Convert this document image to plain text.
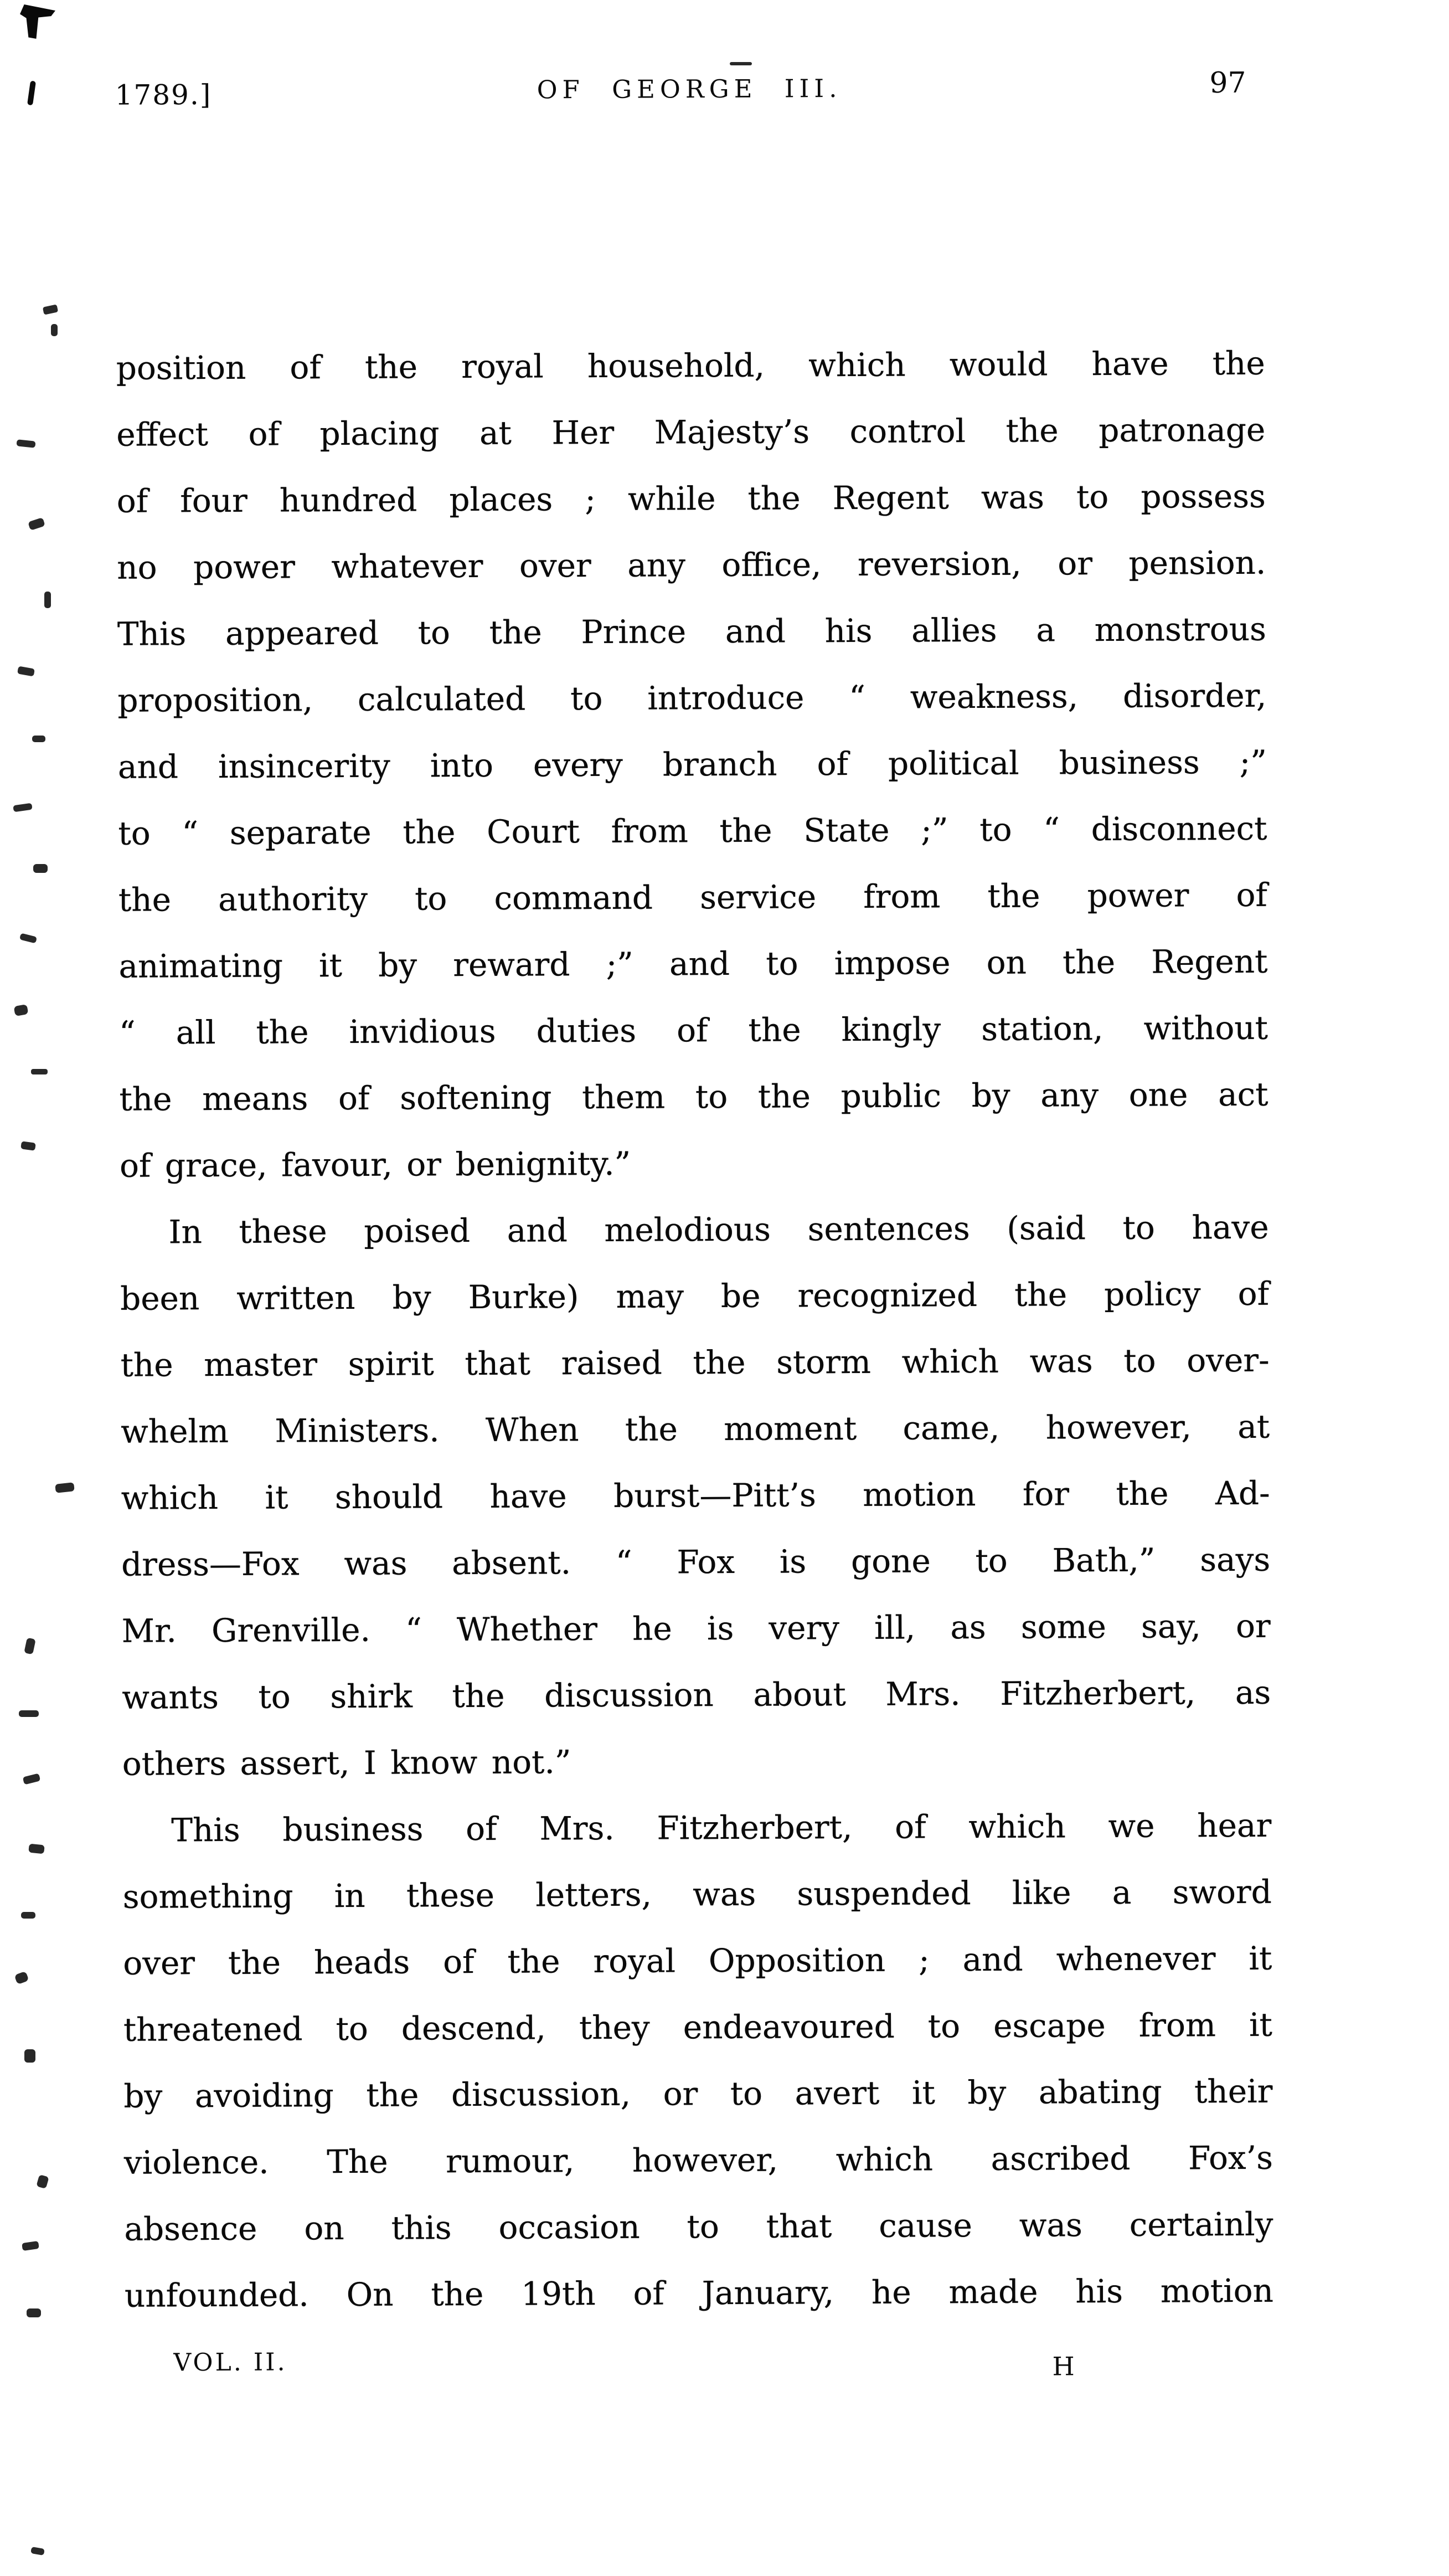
1789.]	OF GEORGE III.	97
position of the royal household, which would have the
effect of placing at Her Majesty’s control the patronage
of four hundred places ; while the Regent was to possess
no power whatever over any office, reversion, or pension.
This appeared to the Prince and his allies a monstrous
proposition, calculated to introduce “ weakness, disorder,
and insincerity into every branch of political business ;”
to “ separate the Court from the State ;” to “ disconnect
the authority to command service from the power of
animating it by reward ;” and to impose on the Regent
“ all the invidious duties of the kingly station, without
the means of softening them to the public by any one act
of grace, favour, or benignity.”
In these poised and melodious sentences (said to have
been written by Burke) may be recognized the policy of
the master spirit that raised the storm which was to over-
whelm Ministers. When the moment came, however, at
which it should have burst—Pitt’s motion for the Ad-
dress—Fox was absent. “ Fox is gone to Bath,” says
Mr. Grenville. “ Whether he is very ill, as some say, or
wants to shirk the discussion about Mrs. Fitzherbert, as
others assert, I know not.”
This business of Mrs. Fitzherbert, of which we hear
something in these letters, was suspended like a sword
over the heads of the royal Opposition ; and whenever it
threatened to descend, they endeavoured to escape from it
by avoiding the discussion, or to avert it by abating their
violence. The rumour, however, which ascribed Fox’s
absence on this occasion to that cause was certainly
unfounded. On the 19th of January, he made his motion
VOL. II.	H
